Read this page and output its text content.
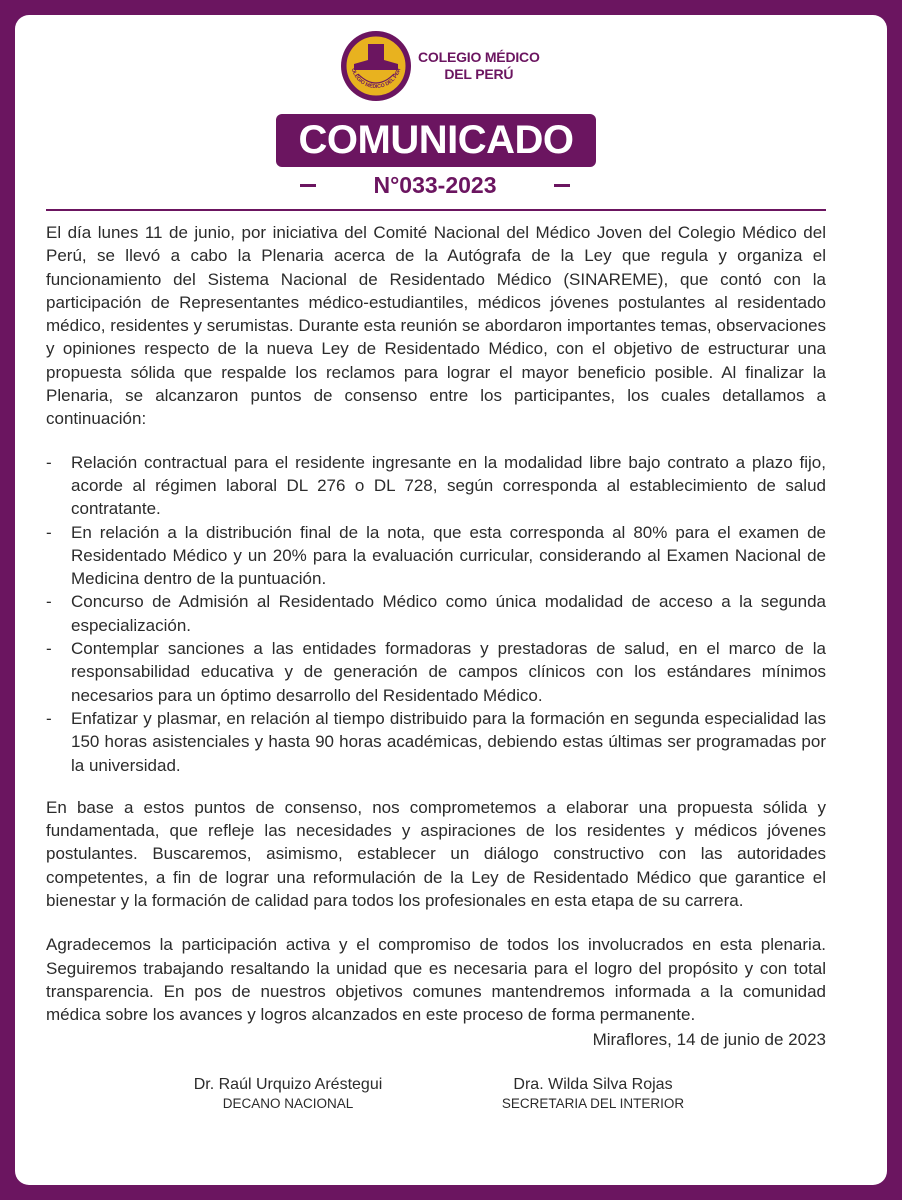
OLEGIO MÉDICO DEL PER
COLEGIO MÉDICO
DEL PERÚ
COMUNICADO
N°033-2023

El día lunes 11 de junio, por iniciativa del Comité Nacional del Médico Joven del Colegio Médico del Perú, se llevó a cabo la Plenaria acerca de la Autógrafa de la Ley que regula y organiza el funcionamiento del Sistema Nacional de Residentado Médico (SINAREME), que contó con la participación de Representantes médico-estudiantiles, médicos jóvenes postulantes al residentado médico, residentes y serumistas. Durante esta reunión se abordaron importantes temas, observaciones y opiniones respecto de la nueva Ley de Residentado Médico, con el objetivo de estructurar una propuesta sólida que respalde los reclamos para lograr el mayor beneficio posible. Al finalizar la Plenaria, se alcanzaron puntos de consenso entre los participantes, los cuales detallamos a continuación:

- Relación contractual para el residente ingresante en la modalidad libre bajo contrato a plazo fijo, acorde al régimen laboral DL 276 o DL 728, según corresponda al establecimiento de salud contratante.
- En relación a la distribución final de la nota, que esta corresponda al 80% para el examen de Residentado Médico y un 20% para la evaluación curricular, considerando al Examen Nacional de Medicina dentro de la puntuación.
- Concurso de Admisión al Residentado Médico como única modalidad de acceso a la segunda especialización.
- Contemplar sanciones a las entidades formadoras y prestadoras de salud, en el marco de la responsabilidad educativa y de generación de campos clínicos con los estándares mínimos necesarios para un óptimo desarrollo del Residentado Médico.
- Enfatizar y plasmar, en relación al tiempo distribuido para la formación en segunda especialidad las 150 horas asistenciales y hasta 90 horas académicas, debiendo estas últimas ser programadas por la universidad.

En base a estos puntos de consenso, nos comprometemos a elaborar una propuesta sólida y fundamentada, que refleje las necesidades y aspiraciones de los residentes y médicos jóvenes postulantes. Buscaremos, asimismo, establecer un diálogo constructivo con las autoridades competentes, a fin de lograr una reformulación de la Ley de Residentado Médico que garantice el bienestar y la formación de calidad para todos los profesionales en esta etapa de su carrera.

Agradecemos la participación activa y el compromiso de todos los involucrados en esta plenaria. Seguiremos trabajando resaltando la unidad que es necesaria para el logro del propósito y con total transparencia. En pos de nuestros objetivos comunes mantendremos informada a la comunidad médica sobre los avances y logros alcanzados en este proceso de forma permanente.

Miraflores, 14 de junio de 2023
Dr. Raúl Urquizo Aréstegui
DECANO NACIONAL
Dra. Wilda Silva Rojas
SECRETARIA DEL INTERIOR
